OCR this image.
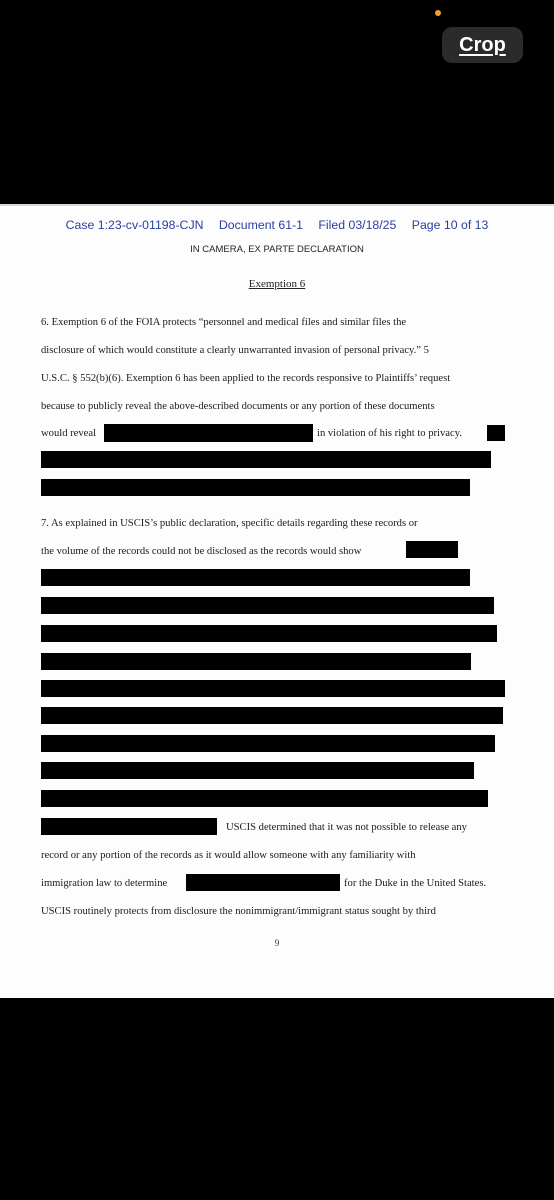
Crop
Case 1:23-cv-01198-CJN Document 61-1 Filed 03/18/25 Page 10 of 13
IN CAMERA, EX PARTE DECLARATION
Exemption 6
6. Exemption 6 of the FOIA protects “personnel and medical files and similar files the
disclosure of which would constitute a clearly unwarranted invasion of personal privacy.” 5
U.S.C. § 552(b)(6). Exemption 6 has been applied to the records responsive to Plaintiffs’ request
because to publicly reveal the above-described documents or any portion of these documents
would reveal	in violation of his right to privacy.
7. As explained in USCIS’s public declaration, specific details regarding these records or
the volume of the records could not be disclosed as the records would show
USCIS determined that it was not possible to release any
record or any portion of the records as it would allow someone with any familiarity with
immigration law to determine	for the Duke in the United States.
USCIS routinely protects from disclosure the nonimmigrant/immigrant status sought by third
9
